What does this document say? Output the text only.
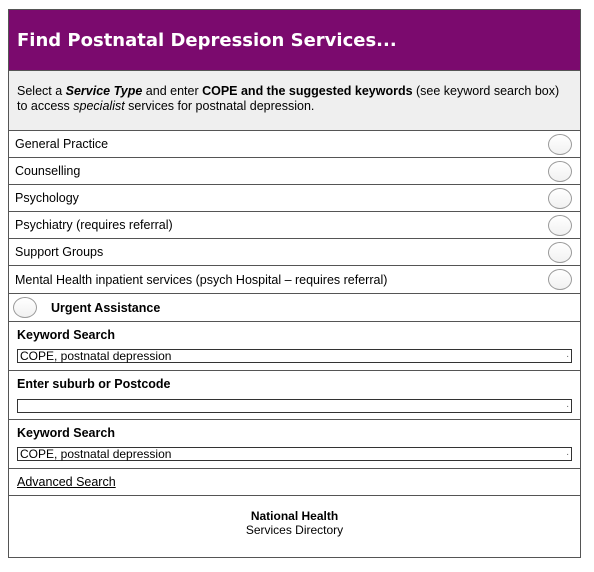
Find Postnatal Depression Services...
Select a Service Type and enter COPE and the suggested keywords (see keyword search box) to access specialist services for postnatal depression.
General Practice
Counselling
Psychology
Psychiatry (requires referral)
Support Groups
Mental Health inpatient services (psych Hospital – requires referral)
Urgent Assistance
Keyword Search
COPE, postnatal depression .
Enter suburb or Postcode
.
Keyword Search
COPE, postnatal depression .
Advanced Search
National Health
Services Directory
